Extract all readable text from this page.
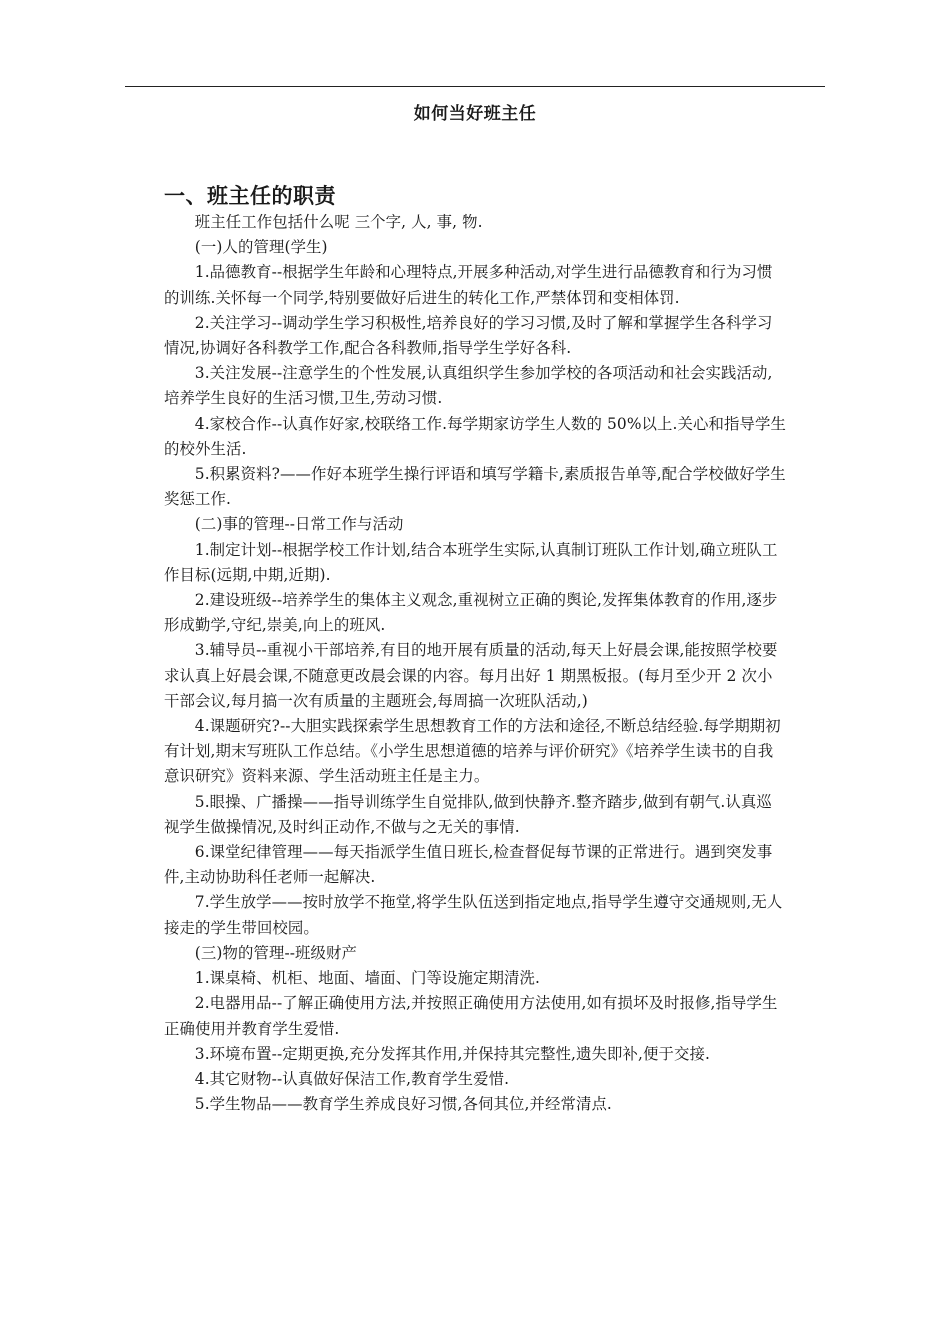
如何当好班主任
一、班主任的职责

班主任工作包括什么呢 三个字, 人, 事, 物.

(一)人的管理(学生)

1.品德教育--根据学生年龄和心理特点,开展多种活动,对学生进行品德教育和行为习惯的训练.关怀每一个同学,特别要做好后进生的转化工作,严禁体罚和变相体罚.

2.关注学习--调动学生学习积极性,培养良好的学习习惯,及时了解和掌握学生各科学习情况,协调好各科教学工作,配合各科教师,指导学生学好各科.

3.关注发展--注意学生的个性发展,认真组织学生参加学校的各项活动和社会实践活动,培养学生良好的生活习惯,卫生,劳动习惯.

4.家校合作--认真作好家,校联络工作.每学期家访学生人数的 50%以上.关心和指导学生的校外生活.

5.积累资料?——作好本班学生操行评语和填写学籍卡,素质报告单等,配合学校做好学生奖惩工作.

(二)事的管理--日常工作与活动

1.制定计划--根据学校工作计划,结合本班学生实际,认真制订班队工作计划,确立班队工作目标(远期,中期,近期).

2.建设班级--培养学生的集体主义观念,重视树立正确的舆论,发挥集体教育的作用,逐步形成勤学,守纪,崇美,向上的班风.

3.辅导员--重视小干部培养,有目的地开展有质量的活动,每天上好晨会课,能按照学校要求认真上好晨会课,不随意更改晨会课的内容。每月出好 1 期黑板报。(每月至少开 2 次小干部会议,每月搞一次有质量的主题班会,每周搞一次班队活动,)

4.课题研究?--大胆实践探索学生思想教育工作的方法和途径,不断总结经验.每学期期初有计划,期末写班队工作总结。《小学生思想道德的培养与评价研究》《培养学生读书的自我意识研究》资料来源、学生活动班主任是主力。

5.眼操、广播操——指导训练学生自觉排队,做到快静齐.整齐踏步,做到有朝气.认真巡视学生做操情况,及时纠正动作,不做与之无关的事情.

6.课堂纪律管理——每天指派学生值日班长,检查督促每节课的正常进行。遇到突发事件,主动协助科任老师一起解决.

7.学生放学——按时放学不拖堂,将学生队伍送到指定地点,指导学生遵守交通规则,无人接走的学生带回校园。

(三)物的管理--班级财产

1.课桌椅、机柜、地面、墙面、门等设施定期清洗.

2.电器用品--了解正确使用方法,并按照正确使用方法使用,如有损坏及时报修,指导学生正确使用并教育学生爱惜.

3.环境布置--定期更换,充分发挥其作用,并保持其完整性,遗失即补,便于交接.

4.其它财物--认真做好保洁工作,教育学生爱惜.

5.学生物品——教育学生养成良好习惯,各伺其位,并经常清点.
